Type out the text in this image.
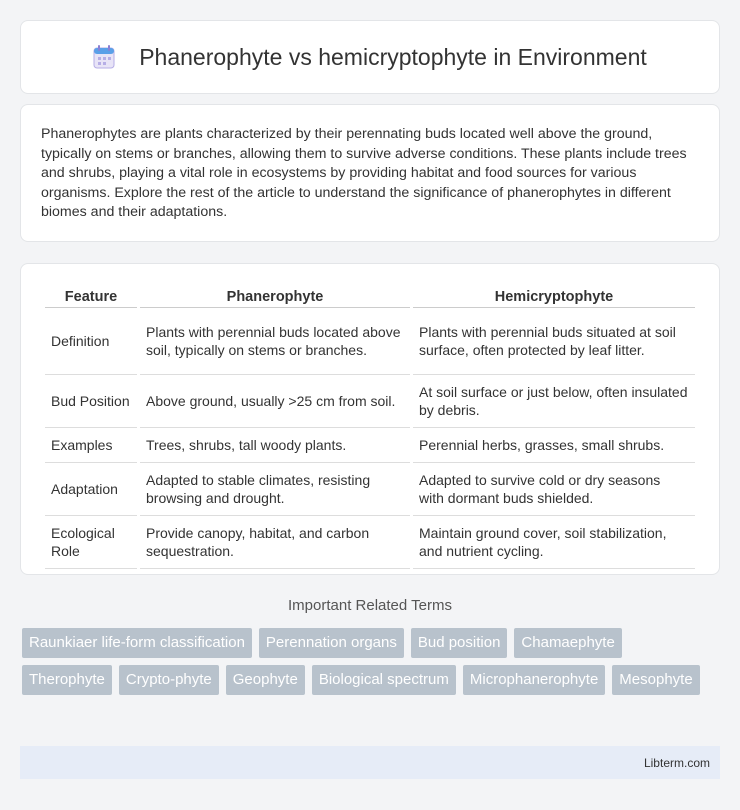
Phanerophyte vs hemicryptophyte in Environment

Phanerophytes are plants characterized by their perennating buds located well above the ground, typically on stems or branches, allowing them to survive adverse conditions. These plants include trees and shrubs, playing a vital role in ecosystems by providing habitat and food sources for various organisms. Explore the rest of the article to understand the significance of phanerophytes in different biomes and their adaptations.

Feature	Phanerophyte	Hemicryptophyte
Definition	Plants with perennial buds located above soil, typically on stems or branches.	Plants with perennial buds situated at soil surface, often protected by leaf litter.
Bud Position	Above ground, usually >25 cm from soil.	At soil surface or just below, often insulated by debris.
Examples	Trees, shrubs, tall woody plants.	Perennial herbs, grasses, small shrubs.
Adaptation	Adapted to stable climates, resisting browsing and drought.	Adapted to survive cold or dry seasons with dormant buds shielded.
Ecological Role	Provide canopy, habitat, and carbon sequestration.	Maintain ground cover, soil stabilization, and nutrient cycling.
Important Related Terms
Raunkiaer life-form classification	Perennation organs	Bud position	Chamaephyte
Therophyte	Crypto-phyte	Geophyte	Biological spectrum	Microphanerophyte	Mesophyte
Libterm.com
